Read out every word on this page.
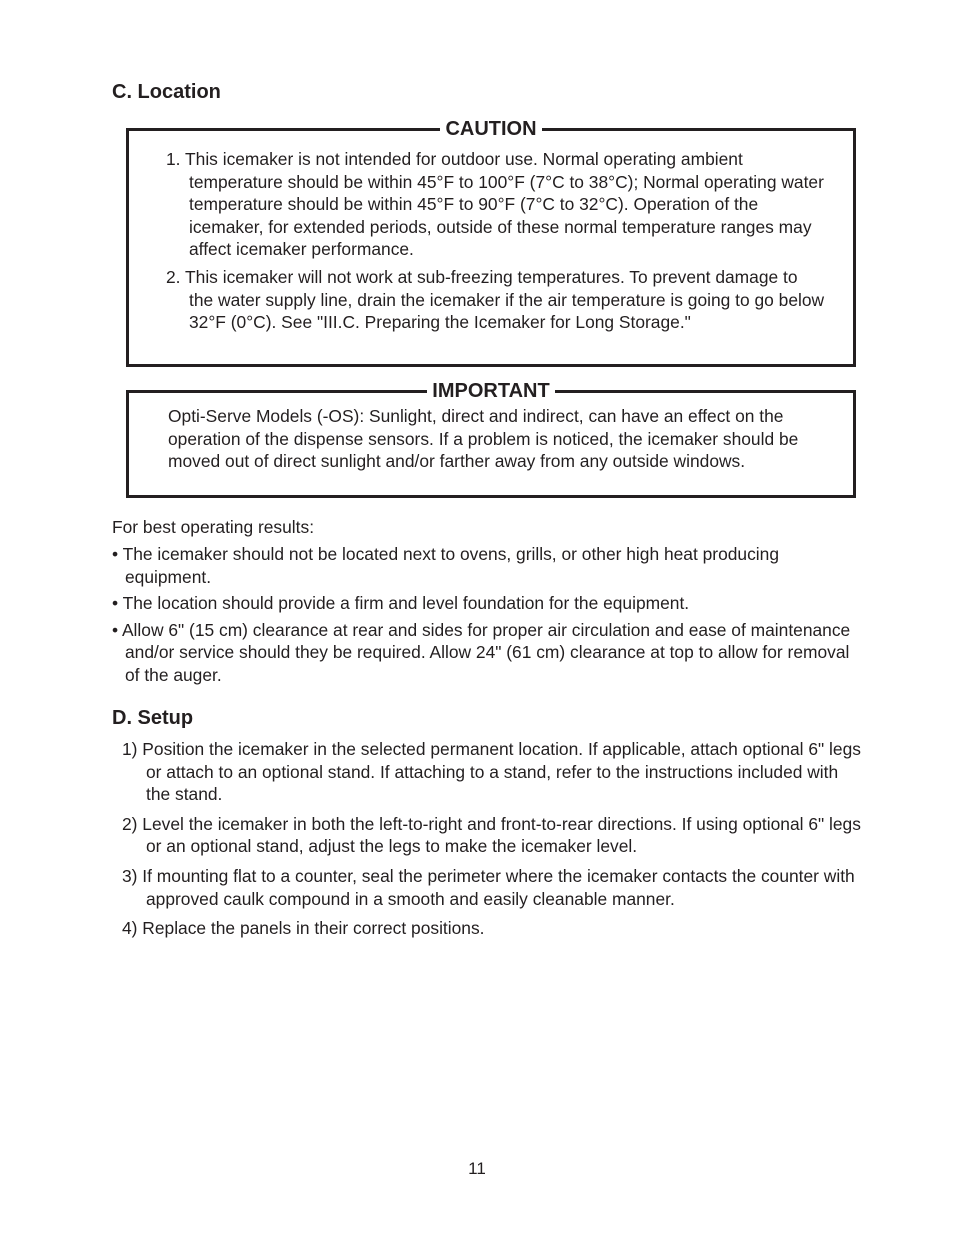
C. Location
CAUTION
1. This icemaker is not intended for outdoor use. Normal operating ambient temperature should be within 45°F to 100°F (7°C to 38°C); Normal operating water temperature should be within 45°F to 90°F (7°C to 32°C). Operation of the icemaker, for extended periods, outside of these normal temperature ranges may affect icemaker performance.
2. This icemaker will not work at sub-freezing temperatures. To prevent damage to the water supply line, drain the icemaker if the air temperature is going to go below 32°F (0°C). See "III.C. Preparing the Icemaker for Long Storage."
IMPORTANT

Opti-Serve Models (-OS): Sunlight, direct and indirect, can have an effect on the operation of the dispense sensors. If a problem is noticed, the icemaker should be moved out of direct sunlight and/or farther away from any outside windows.

For best operating results:

• The icemaker should not be located next to ovens, grills, or other high heat producing equipment.
• The location should provide a firm and level foundation for the equipment.
• Allow 6" (15 cm) clearance at rear and sides for proper air circulation and ease of maintenance and/or service should they be required. Allow 24" (61 cm) clearance at top to allow for removal of the auger.
D. Setup
1) Position the icemaker in the selected permanent location. If applicable, attach optional 6" legs or attach to an optional stand. If attaching to a stand, refer to the instructions included with the stand.
2) Level the icemaker in both the left-to-right and front-to-rear directions. If using optional 6" legs or an optional stand, adjust the legs to make the icemaker level.
3) If mounting flat to a counter, seal the perimeter where the icemaker contacts the counter with approved caulk compound in a smooth and easily cleanable manner.
4) Replace the panels in their correct positions.

11
